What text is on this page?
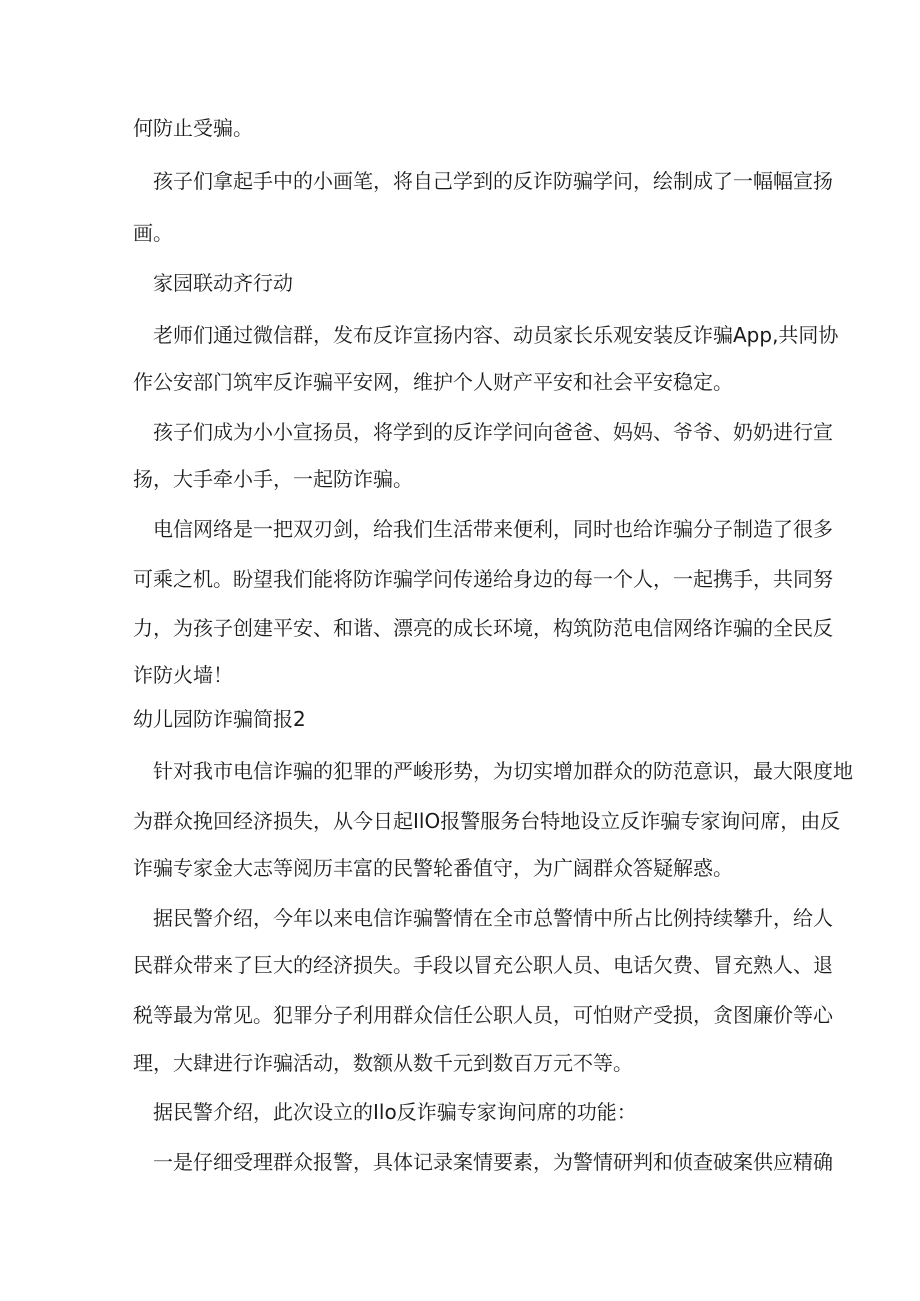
何防止受骗。
孩子们拿起手中的小画笔，将自己学到的反诈防骗学问，绘制成了一幅幅宣扬
画。
家园联动齐行动
老师们通过微信群，发布反诈宣扬内容、动员家长乐观安装反诈骗App,共同协
作公安部门筑牢反诈骗平安网，维护个人财产平安和社会平安稳定。
孩子们成为小小宣扬员，将学到的反诈学问向爸爸、妈妈、爷爷、奶奶进行宣
扬，大手牵小手，一起防诈骗。
电信网络是一把双刃剑，给我们生活带来便利，同时也给诈骗分子制造了很多
可乘之机。盼望我们能将防诈骗学问传递给身边的每一个人，一起携手，共同努
力，为孩子创建平安、和谐、漂亮的成长环境，构筑防范电信网络诈骗的全民反
诈防火墙！
幼儿园防诈骗简报2
针对我市电信诈骗的犯罪的严峻形势，为切实增加群众的防范意识，最大限度地
为群众挽回经济损失，从今日起IlO报警服务台特地设立反诈骗专家询问席，由反
诈骗专家金大志等阅历丰富的民警轮番值守，为广阔群众答疑解惑。
据民警介绍，今年以来电信诈骗警情在全市总警情中所占比例持续攀升，给人
民群众带来了巨大的经济损失。手段以冒充公职人员、电话欠费、冒充熟人、退
税等最为常见。犯罪分子利用群众信任公职人员，可怕财产受损，贪图廉价等心
理，大肆进行诈骗活动，数额从数千元到数百万元不等。
据民警介绍，此次设立的Ilo反诈骗专家询问席的功能：
一是仔细受理群众报警，具体记录案情要素，为警情研判和侦查破案供应精确
